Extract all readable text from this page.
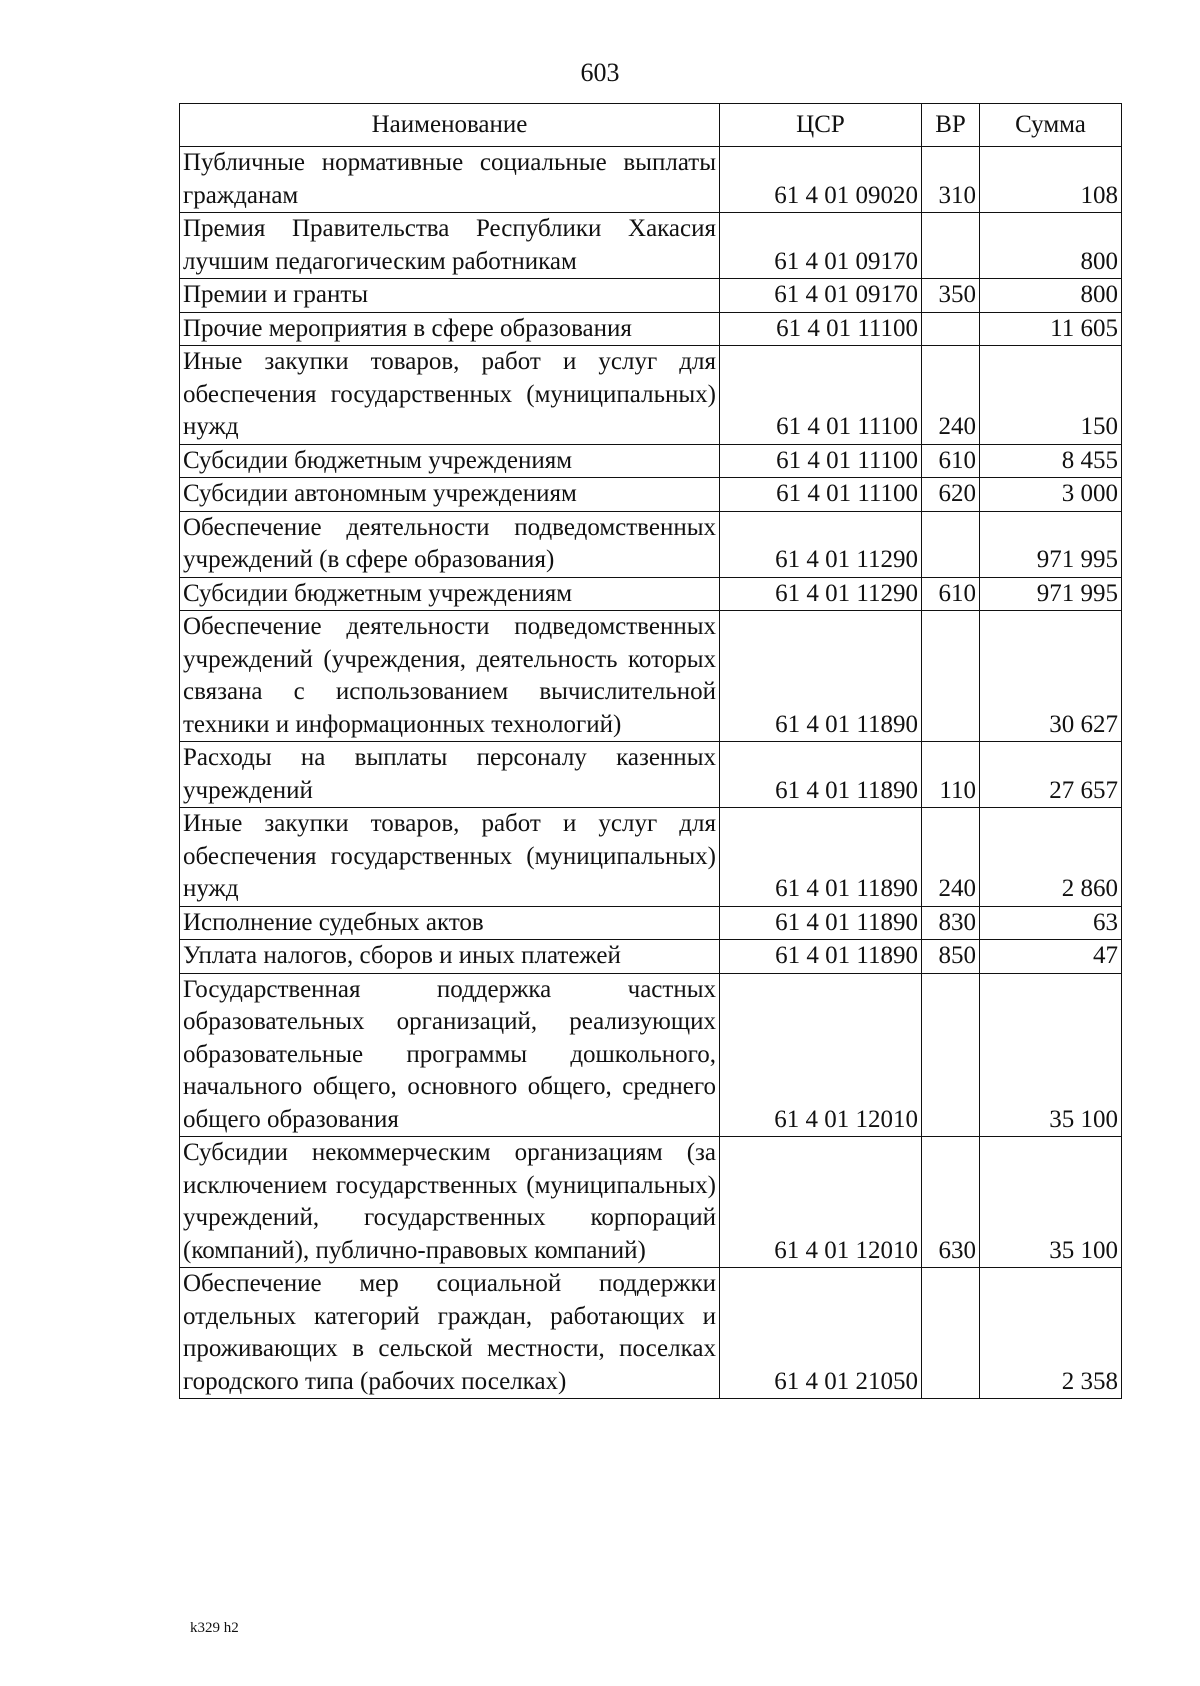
603
Наименование	ЦСР	ВР	Сумма
Публичные нормативные социальные выплаты гражданам	61 4 01 09020	310	108
Премия Правительства Республики Хакасия лучшим педагогическим работникам	61 4 01 09170		800
Премии и гранты	61 4 01 09170	350	800
Прочие мероприятия в сфере образования	61 4 01 11100		11 605
Иные закупки товаров, работ и услуг для обеспечения государственных (муниципальных) нужд	61 4 01 11100	240	150
Субсидии бюджетным учреждениям	61 4 01 11100	610	8 455
Субсидии автономным учреждениям	61 4 01 11100	620	3 000
Обеспечение деятельности подведомственных учреждений (в сфере образования)	61 4 01 11290		971 995
Субсидии бюджетным учреждениям	61 4 01 11290	610	971 995
Обеспечение деятельности подведомственных учреждений (учреждения, деятельность которых связана с использованием вычислительной техники и информационных технологий)	61 4 01 11890		30 627
Расходы на выплаты персоналу казенных учреждений	61 4 01 11890	110	27 657
Иные закупки товаров, работ и услуг для обеспечения государственных (муниципальных) нужд	61 4 01 11890	240	2 860
Исполнение судебных актов	61 4 01 11890	830	63
Уплата налогов, сборов и иных платежей	61 4 01 11890	850	47
Государственная поддержка частных образовательных организаций, реализующих образовательные программы дошкольного, начального общего, основного общего, среднего общего образования	61 4 01 12010		35 100
Субсидии некоммерческим организациям (за исключением государственных (муниципальных) учреждений, государственных корпораций (компаний), публично-правовых компаний)	61 4 01 12010	630	35 100
Обеспечение мер социальной поддержки отдельных категорий граждан, работающих и проживающих в сельской местности, поселках городского типа (рабочих поселках)	61 4 01 21050		2 358
k329 h2
